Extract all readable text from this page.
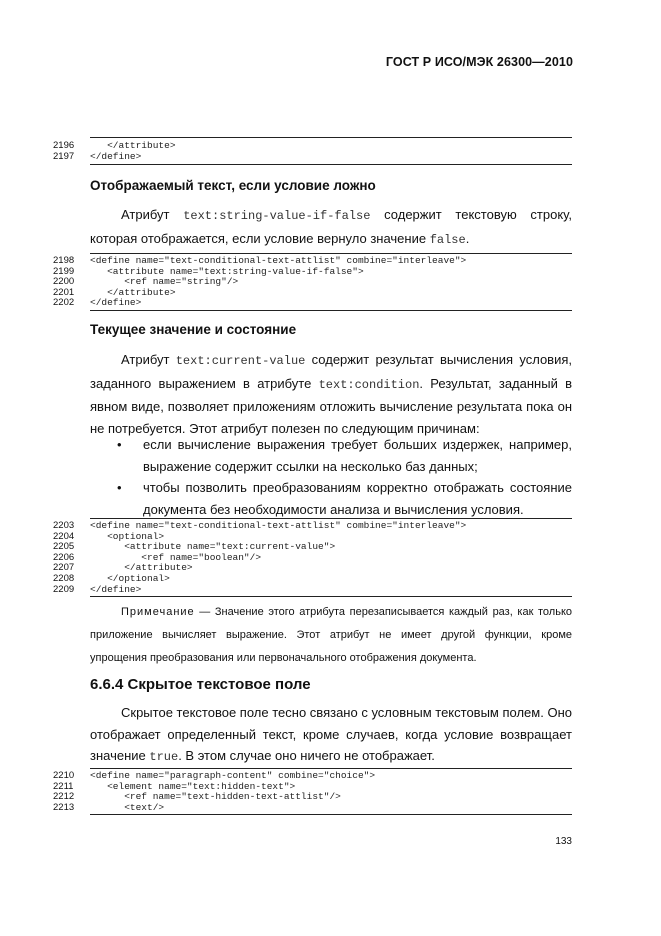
ГОСТ Р ИСО/МЭК 26300—2010
2196	</attribute>
2197	</define>
Отображаемый текст, если условие ложно
Атрибут text:string-value-if-false содержит текстовую строку, которая отображается, если условие вернуло значение false.
2198	<define name="text-conditional-text-attlist" combine="interleave">
2199	<attribute name="text:string-value-if-false">
2200	<ref name="string"/>
2201	</attribute>
2202	</define>
Текущее значение и состояние
Атрибут text:current-value содержит результат вычисления условия, заданного выражением в атрибуте text:condition. Результат, заданный в явном виде, позволяет приложениям отложить вычисление результата пока он не потребуется. Этот атрибут полезен по следующим причинам:
• если вычисление выражения требует больших издержек, например, выражение содержит ссылки на несколько баз данных;
• чтобы позволить преобразованиям корректно отображать состояние документа без необходимости анализа и вычисления условия.
2203	<define name="text-conditional-text-attlist" combine="interleave">
2204	<optional>
2205	<attribute name="text:current-value">
2206	<ref name="boolean"/>
2207	</attribute>
2208	</optional>
2209	</define>
Примечание — Значение этого атрибута перезаписывается каждый раз, как только приложение вычисляет выражение. Этот атрибут не имеет другой функции, кроме упрощения преобразования или первоначального отображения документа.
6.6.4 Скрытое текстовое поле
Скрытое текстовое поле тесно связано с условным текстовым полем. Оно отображает определенный текст, кроме случаев, когда условие возвращает значение true. В этом случае оно ничего не отображает.
2210	<define name="paragraph-content" combine="choice">
2211	<element name="text:hidden-text">
2212	<ref name="text-hidden-text-attlist"/>
2213	<text/>
133
